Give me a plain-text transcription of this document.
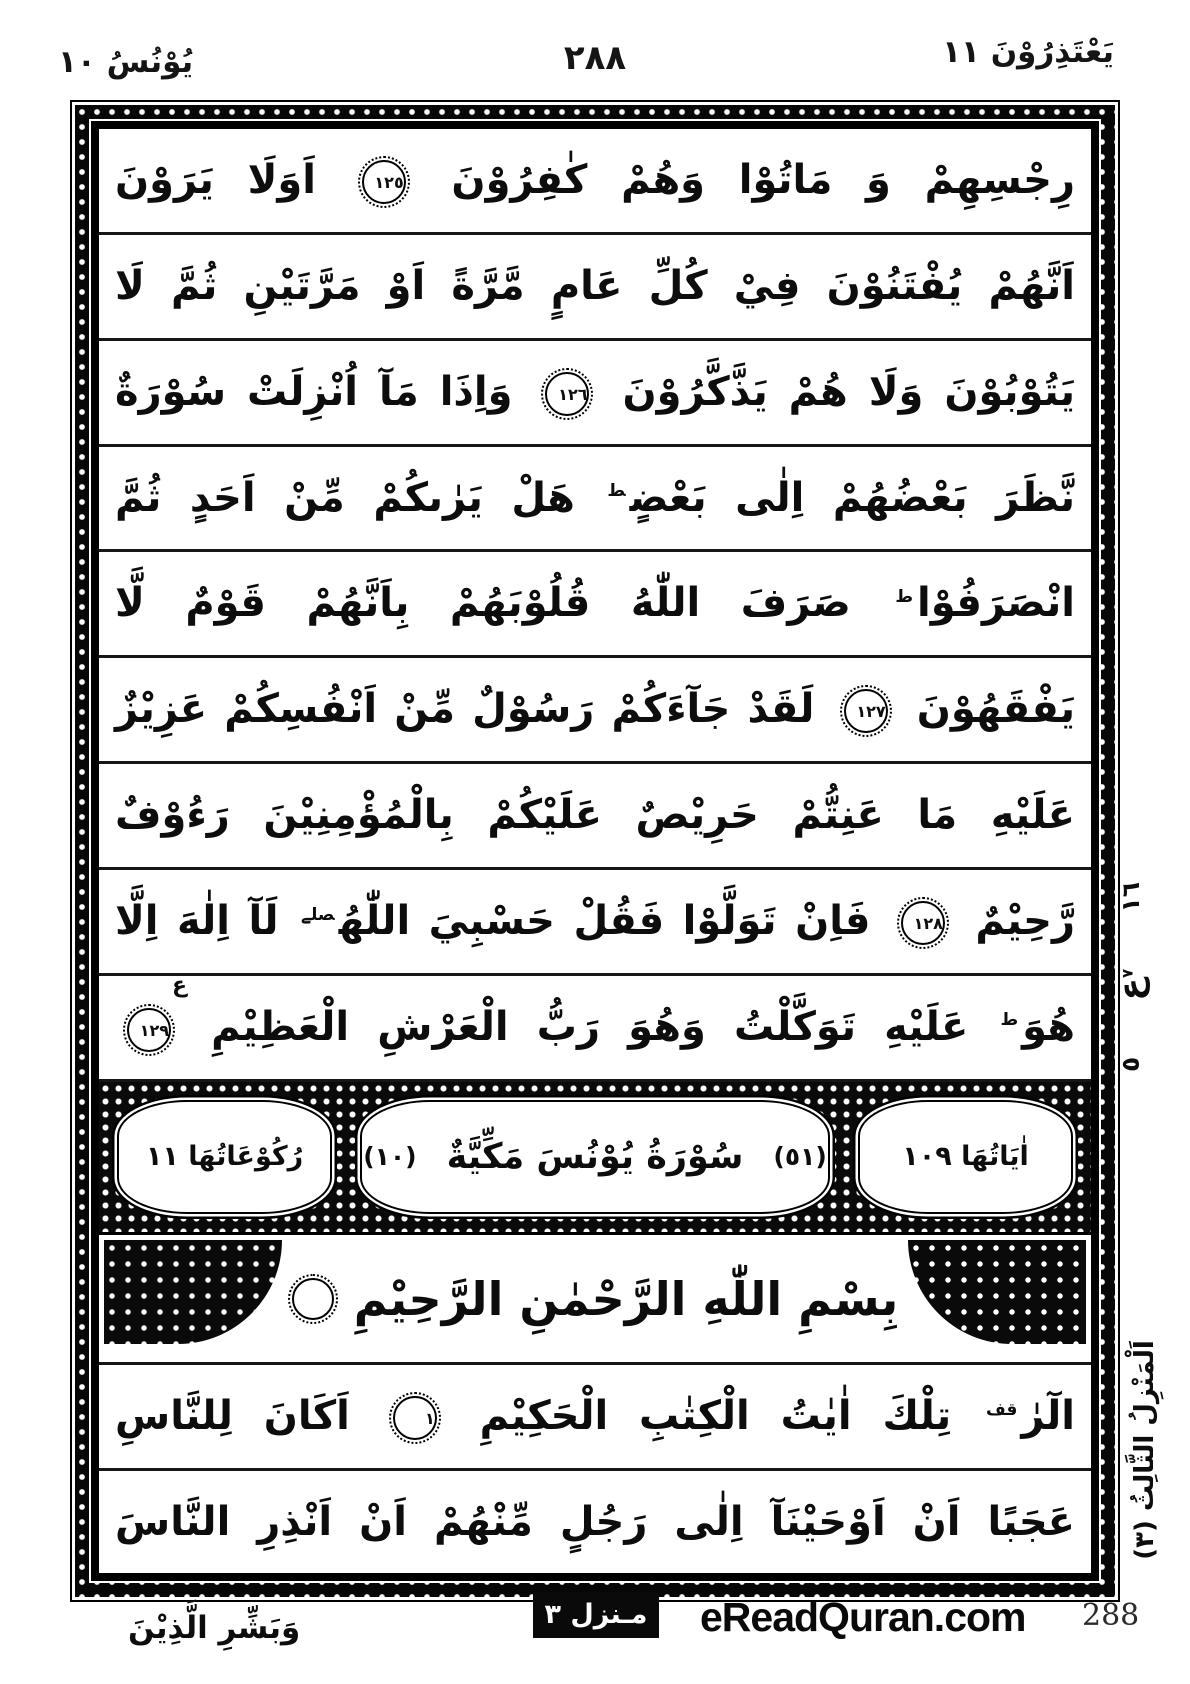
يُوْنُسُ ١٠	٢٨٨	يَعْتَذِرُوْنَ ١١
رِجْسِهِمْ وَ مَاتُوْا وَهُمْ كٰفِرُوْنَ ١٢٥ اَوَلَا يَرَوْنَ
اَنَّهُمْ يُفْتَنُوْنَ فِيْ كُلِّ عَامٍ مَّرَّةً اَوْ مَرَّتَيْنِ ثُمَّ لَا
يَتُوْبُوْنَ وَلَا هُمْ يَذَّكَّرُوْنَ ١٢٦ وَاِذَا مَآ اُنْزِلَتْ سُوْرَةٌ
نَّظَرَ بَعْضُهُمْ اِلٰى بَعْضٍ$^ط$ هَلْ يَرٰىكُمْ مِّنْ اَحَدٍ ثُمَّ
انْصَرَفُوْا$^ط$ صَرَفَ اللّٰهُ قُلُوْبَهُمْ بِاَنَّهُمْ قَوْمٌ لَّا
يَفْقَهُوْنَ ١٢٧ لَقَدْ جَآءَكُمْ رَسُوْلٌ مِّنْ اَنْفُسِكُمْ عَزِيْزٌ
عَلَيْهِ مَا عَنِتُّمْ حَرِيْصٌ عَلَيْكُمْ بِالْمُؤْمِنِيْنَ رَءُوْفٌ
رَّحِيْمٌ ١٢٨ فَاِنْ تَوَلَّوْا فَقُلْ حَسْبِيَ اللّٰهُ$^{صلے}$ لَآ اِلٰهَ اِلَّا
هُوَ$^ط$ عَلَيْهِ تَوَكَّلْتُ وَهُوَ رَبُّ الْعَرْشِ الْعَظِيْمِ
ع
١٢٩
اٰيَاتُهَا ١٠٩
(٥١)
سُوْرَةُ يُوْنُسَ مَكِّيَّةٌ
(١٠)
رُكُوْعَاتُهَا ١١
بِسْمِ اللّٰهِ الرَّحْمٰنِ الرَّحِيْمِ
الٓرٰ$^{قف}$ تِلْكَ اٰيٰتُ الْكِتٰبِ الْحَكِيْمِ ١ اَكَانَ لِلنَّاسِ
عَجَبًا اَنْ اَوْحَيْنَآ اِلٰى رَجُلٍ مِّنْهُمْ اَنْ اَنْذِرِ النَّاسَ
١٦
$^٧$ع
٥
اَلْمَنْزِلُ الثَّالِثُ (٣)
وَبَشِّرِ الَّذِيْنَ	مـنزل ٣ eReadQuran.com 288
